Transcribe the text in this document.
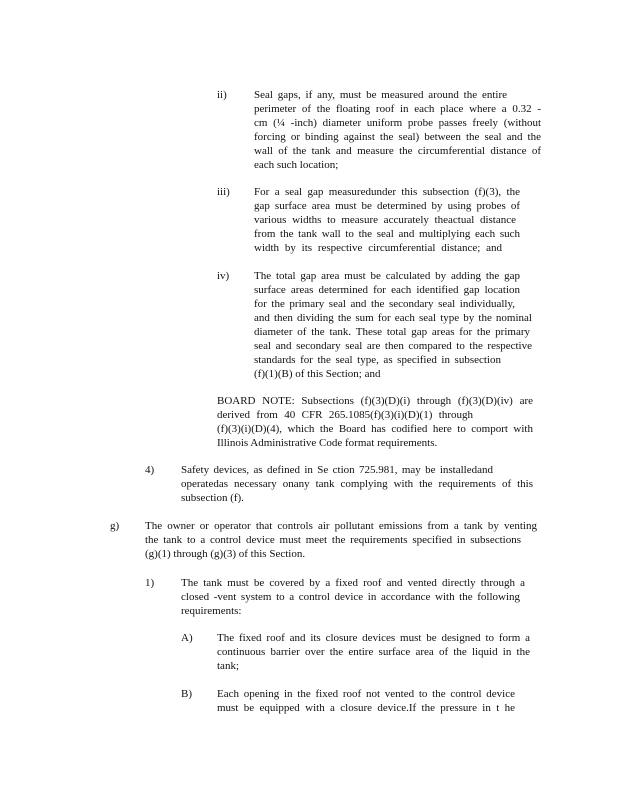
ii) Seal gaps, if any, must be measured around the entire
perimeter of the floating roof in each place where a 0.32 -
cm (¼ -inch) diameter uniform probe passes freely (without
forcing or binding against the seal) between the seal and the
wall of the tank and measure the circumferential distance of
each such location;
iii) For a seal gap measuredunder this subsection (f)(3), the
gap surface area must be determined by using probes of
various widths to measure accurately theactual distance
from the tank wall to the seal and multiplying each such
width by its respective circumferential distance; and
iv) The total gap area must be calculated by adding the gap
surface areas determined for each identified gap location
for the primary seal and the secondary seal individually,
and then dividing the sum for each seal type by the nominal
diameter of the tank. These total gap areas for the primary
seal and secondary seal are then compared to the respective
standards for the seal type, as specified in subsection
(f)(1)(B) of this Section; and
BOARD NOTE: Subsections (f)(3)(D)(i) through (f)(3)(D)(iv) are
derived from 40 CFR 265.1085(f)(3)(i)(D)(1) through
(f)(3)(i)(D)(4), which the Board has codified here to comport with
Illinois Administrative Code format requirements.
4) Safety devices, as defined in Se ction 725.981, may be installedand
operatedas necessary onany tank complying with the requirements of this
subsection (f).
g) The owner or operator that controls air pollutant emissions from a tank by venting
the tank to a control device must meet the requirements specified in subsections
(g)(1) through (g)(3) of this Section.
1) The tank must be covered by a fixed roof and vented directly through a
closed -vent system to a control device in accordance with the following
requirements:
A) The fixed roof and its closure devices must be designed to form a
continuous barrier over the entire surface area of the liquid in the
tank;
B) Each opening in the fixed roof not vented to the control device
must be equipped with a closure device.If the pressure in t he
